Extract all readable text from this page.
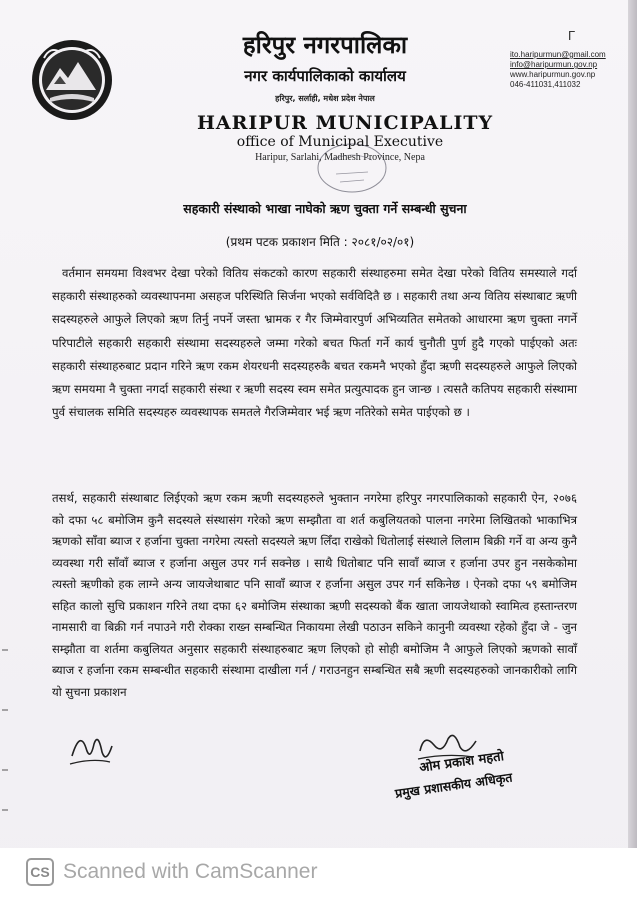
हरिपुर नगरपालिका
नगर कार्यपालिकाको कार्यालय
हरिपुर, सर्लाही, मधेश प्रदेश नेपाल
HARIPUR MUNICIPALITY
office of Municipal Executive
Haripur, Sarlahi, Madhesh Province, Nepa
Γ
ito.haripurmun@gmail.com
info@haripurmun.gov.np
www.haripurmun.gov.np
046-411031,411032
सहकारी संस्थाको भाखा नाघेको ऋण चुक्ता गर्ने सम्बन्धी सुचना
(प्रथम पटक प्रकाशन मिति : २०८१/०२/०१)
वर्तमान समयमा विश्वभर देखा परेको वितिय संकटको कारण सहकारी संस्थाहरुमा समेत देखा परेको वितिय समस्याले गर्दा सहकारी संस्थाहरुको व्यवस्थापनमा असहज परिस्थिति सिर्जना भएको सर्वविदितै छ । सहकारी तथा अन्य वितिय संस्थाबाट ऋणी सदस्यहरुले आफुले लिएको ऋण तिर्नु नपर्ने जस्ता भ्रामक र गैर जिम्मेवारपुर्ण अभिव्यतित समेतको आधारमा ऋण चुक्ता नगर्ने परिपाटीले सहकारी सहकारी संस्थामा सदस्यहरुले जम्मा गरेको बचत फिर्ता गर्ने कार्य चुनौती पुर्ण हुदै गएको पाईएको अतः सहकारी संस्थाहरुबाट प्रदान गरिने ऋण रकम शेयरधनी सदस्यहरुकै बचत रकमनै भएको हुँदा ऋणी सदस्यहरुले आफुले लिएको ऋण समयमा नै चुक्ता नगर्दा सहकारी संस्था र ऋणी सदस्य स्वम समेत प्रत्युत्पादक हुन जान्छ । त्यसतै कतिपय सहकारी संस्थामा पुर्व संचालक समिति सदस्यहरु व्यवस्थापक समतले गैरजिम्मेवार भई ऋण नतिरेको समेत पाईएको छ ।
तसर्थ, सहकारी संस्थाबाट लिईएको ऋण रकम ऋणी सदस्यहरुले भुक्तान नगरेमा हरिपुर नगरपालिकाको सहकारी ऐन, २०७६ को दफा ५८ बमोजिम कुनै सदस्यले संस्थासंग गरेको ऋण सम्झौता वा शर्त कबुलियतको पालना नगरेमा लिखितको भाकाभित्र ऋणको साँवा ब्याज र हर्जाना चुक्ता नगरेमा त्यस्तो सदस्यले ऋण लिँदा राखेको धितोलाई संस्थाले लिलाम बिक्री गर्ने वा अन्य कुनै व्यवस्था गरी साँवाँ ब्याज र हर्जाना असुल उपर गर्न सक्नेछ । साथै धितोबाट पनि सावाँ ब्याज र हर्जाना उपर हुन नसकेकोमा त्यस्तो ऋणीको हक लाग्ने अन्य जायजेथाबाट पनि सावाँ ब्याज र हर्जाना असुल उपर गर्न सकिनेछ । ऐनको दफा ५९ बमोजिम सहित कालो सुचि प्रकाशन गरिने तथा दफा ६२ बमोजिम संस्थाका ऋणी सदस्यको बैंक खाता जायजेथाको स्वामित्व हस्तान्तरण नामसारी वा बिक्री गर्न नपाउने गरी रोक्का राख्न सम्बन्धित निकायमा लेखी पठाउन सकिने कानुनी व्यवस्था रहेको हुँदा जे - जुन सम्झौता वा शर्तमा कबुलियत अनुसार सहकारी संस्थाहरुबाट ऋण लिएको हो सोही बमोजिम नै आफुले लिएको ऋणको सावाँ ब्याज र हर्जाना रकम सम्बन्धीत सहकारी संस्थामा दाखीला गर्न / गराउनहुन सम्बन्धित सबै ऋणी सदस्यहरुको जानकारीको लागि यो सुचना प्रकाशन
ओम प्रकाश महतो
प्रमुख प्रशासकीय अधिकृत
CS Scanned with CamScanner
